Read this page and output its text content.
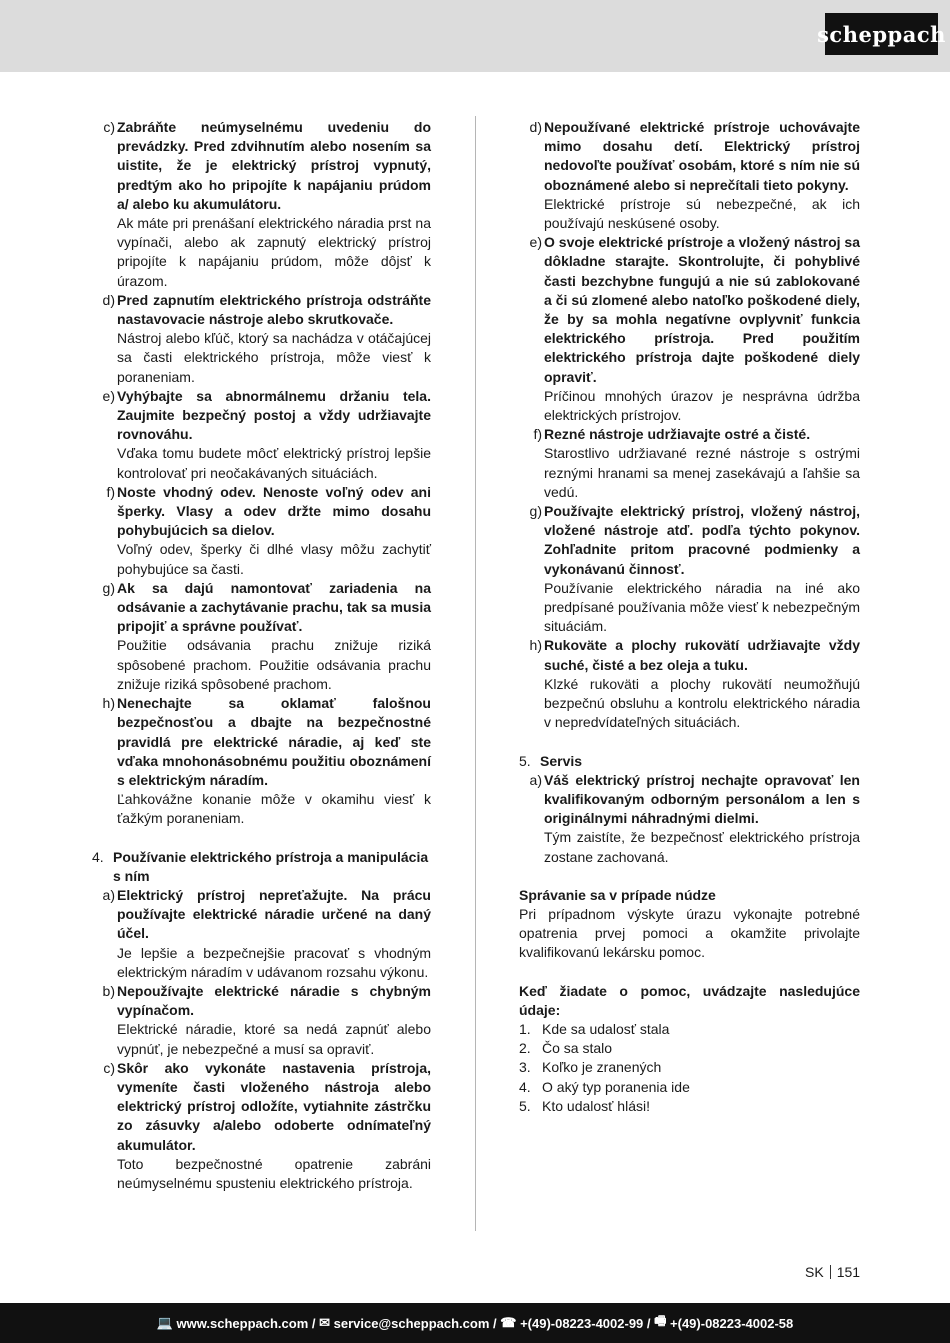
scheppach
c) Zabráňte neúmyselnému uvedeniu do prevádzky. Pred zdvihnutím alebo nosením sa uistite, že je elektrický prístroj vypnutý, predtým ako ho pripojíte k napájaniu prúdom a/ alebo ku akumulátoru.
Ak máte pri prenášaní elektrického náradia prst na vypínači, alebo ak zapnutý elektrický prístroj pripojíte k napájaniu prúdom, môže dôjsť k úrazom.
d) Pred zapnutím elektrického prístroja odstráňte nastavovacie nástroje alebo skrutkovače.
Nástroj alebo kľúč, ktorý sa nachádza v otáčajúcej sa časti elektrického prístroja, môže viesť k poraneniam.
e) Vyhýbajte sa abnormálnemu držaniu tela. Zaujmite bezpečný postoj a vždy udržiavajte rovnováhu.
Vďaka tomu budete môcť elektrický prístroj lepšie kontrolovať pri neočakávaných situáciách.
f) Noste vhodný odev. Nenoste voľný odev ani šperky. Vlasy a odev držte mimo dosahu pohybujúcich sa dielov.
Voľný odev, šperky či dlhé vlasy môžu zachytiť pohybujúce sa časti.
g) Ak sa dajú namontovať zariadenia na odsávanie a zachytávanie prachu, tak sa musia pripojiť a správne používať.
Použitie odsávania prachu znižuje riziká spôsobené prachom. Použitie odsávania prachu znižuje riziká spôsobené prachom.
h) Nenechajte sa oklamať falošnou bezpečnosťou a dbajte na bezpečnostné pravidlá pre elektrické náradie, aj keď ste vďaka mnohonásobnému použitiu oboznámení s elektrickým náradím.
Ľahkovážne konanie môže v okamihu viesť k ťažkým poraneniam.
4. Používanie elektrického prístroja a manipulácia s ním
a) Elektrický prístroj nepreťažujte. Na prácu používajte elektrické náradie určené na daný účel.
Je lepšie a bezpečnejšie pracovať s vhodným elektrickým náradím v udávanom rozsahu výkonu.
b) Nepoužívajte elektrické náradie s chybným vypínačom.
Elektrické náradie, ktoré sa nedá zapnúť alebo vypnúť, je nebezpečné a musí sa opraviť.
c) Skôr ako vykonáte nastavenia prístroja, vymeníte časti vloženého nástroja alebo elektrický prístroj odložíte, vytiahnite zástrčku zo zásuvky a/alebo odoberte odnímateľný akumulátor.
Toto bezpečnostné opatrenie zabráni neúmyselnému spusteniu elektrického prístroja.
d) Nepoužívané elektrické prístroje uchovávajte mimo dosahu detí. Elektrický prístroj nedovoľte používať osobám, ktoré s ním nie sú oboznámené alebo si neprečítali tieto pokyny.
Elektrické prístroje sú nebezpečné, ak ich používajú neskúsené osoby.
e) O svoje elektrické prístroje a vložený nástroj sa dôkladne starajte. Skontrolujte, či pohyblivé časti bezchybne fungujú a nie sú zablokované a či sú zlomené alebo natoľko poškodené diely, že by sa mohla negatívne ovplyvniť funkcia elektrického prístroja. Pred použitím elektrického prístroja dajte poškodené diely opraviť.
Príčinou mnohých úrazov je nesprávna údržba elektrických prístrojov.
f) Rezné nástroje udržiavajte ostré a čisté.
Starostlivo udržiavané rezné nástroje s ostrými reznými hranami sa menej zasekávajú a ľahšie sa vedú.
g) Používajte elektrický prístroj, vložený nástroj, vložené nástroje atď. podľa týchto pokynov. Zohľadnite pritom pracovné podmienky a vykonávanú činnosť.
Používanie elektrického náradia na iné ako predpísané používania môže viesť k nebezpečným situáciám.
h) Rukoväte a plochy rukovätí udržiavajte vždy suché, čisté a bez oleja a tuku.
Klzké rukoväti a plochy rukovätí neumožňujú bezpečnú obsluhu a kontrolu elektrického náradia v nepredvídateľných situáciách.
5. Servis
a) Váš elektrický prístroj nechajte opravovať len kvalifikovaným odborným personálom a len s originálnymi náhradnými dielmi.
Tým zaistíte, že bezpečnosť elektrického prístroja zostane zachovaná.
Správanie sa v prípade núdze
Pri prípadnom výskyte úrazu vykonajte potrebné opatrenia prvej pomoci a okamžite privolajte kvalifikovanú lekársku pomoc.
Keď žiadate o pomoc, uvádzajte nasledujúce údaje:
1. Kde sa udalosť stala
2. Čo sa stalo
3. Koľko je zranených
4. O aký typ poranenia ide
5. Kto udalosť hlási!
SK 151
💻 www.scheppach.com / ✉ service@scheppach.com / ☎ +(49)-08223-4002-99 / 🖷 +(49)-08223-4002-58
